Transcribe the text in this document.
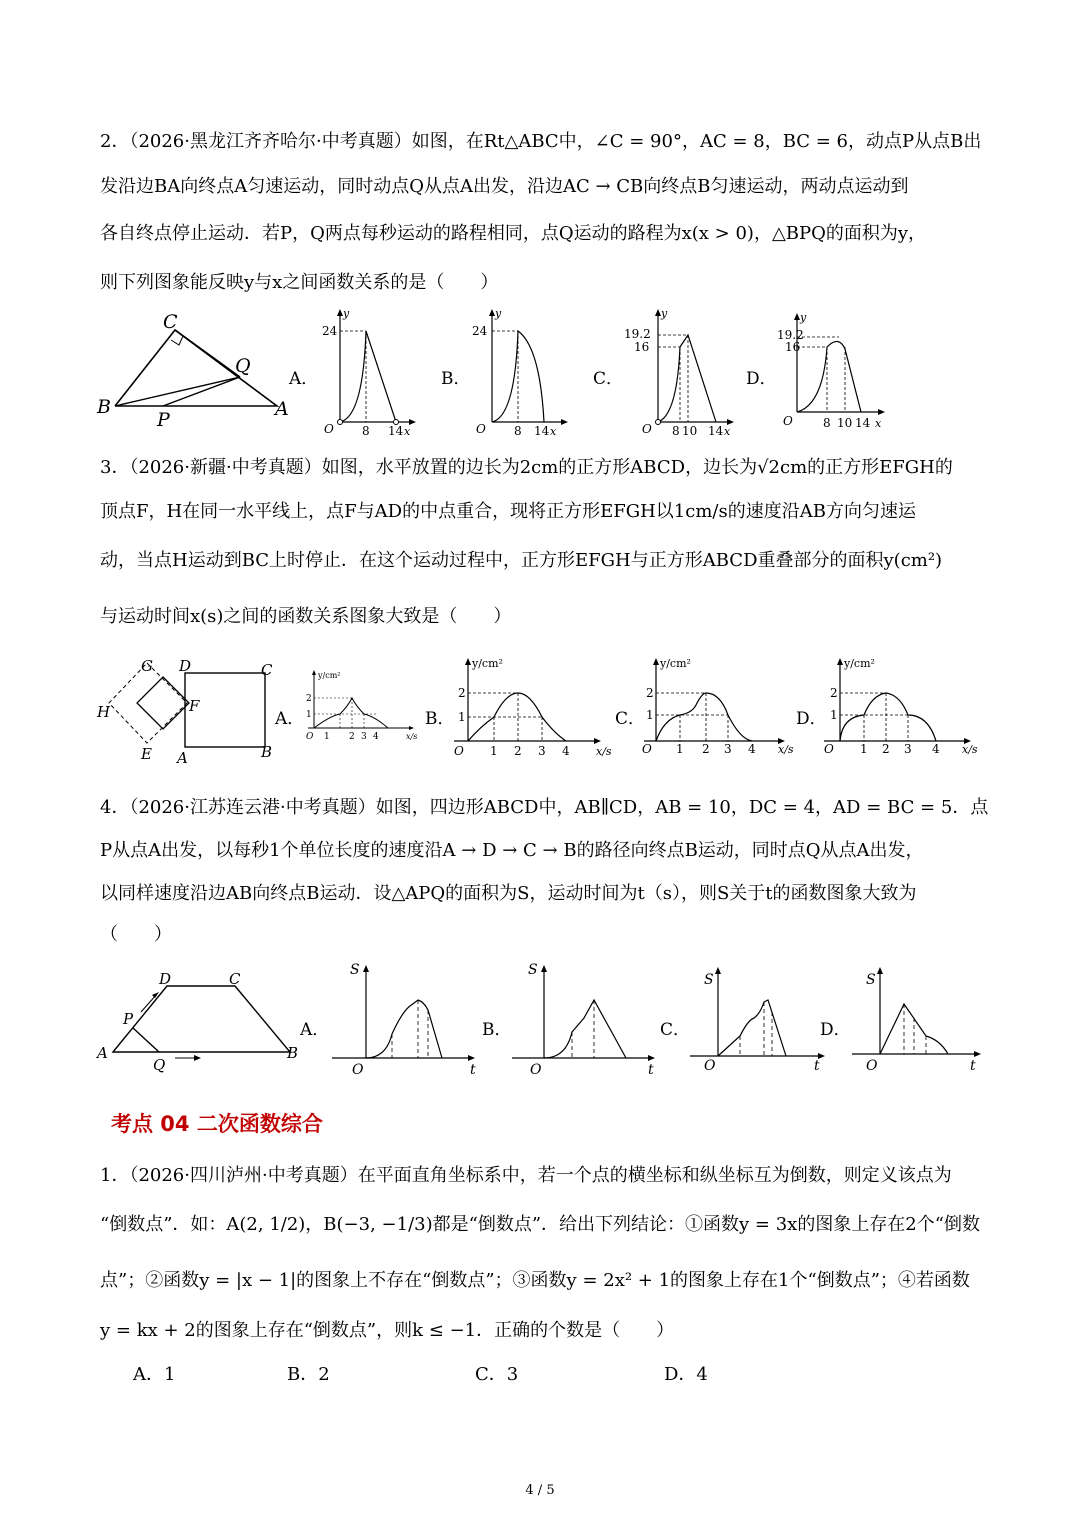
2．（2026·黑龙江齐齐哈尔·中考真题）如图，在Rt△ABC中，∠C = 90°，AC = 8，BC = 6，动点P从点B出
发沿边BA向终点A匀速运动，同时动点Q从点A出发，沿边AC → CB向终点B匀速运动，两动点运动到
各自终点停止运动．若P，Q两点每秒运动的路程相同，点Q运动的路程为x(x > 0)，△BPQ的面积为y，
则下列图象能反映y与x之间函数关系的是（　　）
C
Q
B
P	A
A．	B．	C．	D．
y
24
O 8 14 x
y
24
O 8 14 x
y
19.2
16
O 8 10 14 x
y
19.2
16
O	8 10 14 x
3．（2026·新疆·中考真题）如图，水平放置的边长为2cm的正方形ABCD，边长为√2cm的正方形EFGH的
顶点F，H在同一水平线上，点F与AD的中点重合，现将正方形EFGH以1cm/s的速度沿AB方向匀速运
动，当点H运动到BC上时停止．在这个运动过程中，正方形EFGH与正方形ABCD重叠部分的面积y(cm²)
与运动时间x(s)之间的函数关系图象大致是（　　）
G D	C
H	F
E A	B
A．	B．	C．	D．
y/cm²
2
1
O 1 2 3 4	x/s
y/cm²
2
1
O 1 2 3 4 x/s
y/cm²
2
1
O 1 2 3 4 x/s
y/cm²
2
1
O 1 2 3 4 x/s
4．（2026·江苏连云港·中考真题）如图，四边形ABCD中，AB∥CD，AB = 10，DC = 4，AD = BC = 5．点
P从点A出发，以每秒1个单位长度的速度沿A → D → C → B的路径向终点B运动，同时点Q从点A出发，
以同样速度沿边AB向终点B运动．设△APQ的面积为S，运动时间为t（s），则S关于t的函数图象大致为
（　　）
D	C
P
A
Q
B
A．	B．	C．	D．
S
O	t
S
O	t
S
O	t
S
O	t
考点 04 二次函数综合
1．（2026·四川泸州·中考真题）在平面直角坐标系中，若一个点的横坐标和纵坐标互为倒数，则定义该点为
“倒数点”．如：A(2, 1/2)，B(−3, −1/3)都是“倒数点”．给出下列结论：①函数y = 3x的图象上存在2个“倒数
点”；②函数y = |x − 1|的图象上不存在“倒数点”；③函数y = 2x² + 1的图象上存在1个“倒数点”；④若函数
y = kx + 2的图象上存在“倒数点”，则k ≤ −1．正确的个数是（　　）
A．1	B．2	C．3	D．4
4 / 5
